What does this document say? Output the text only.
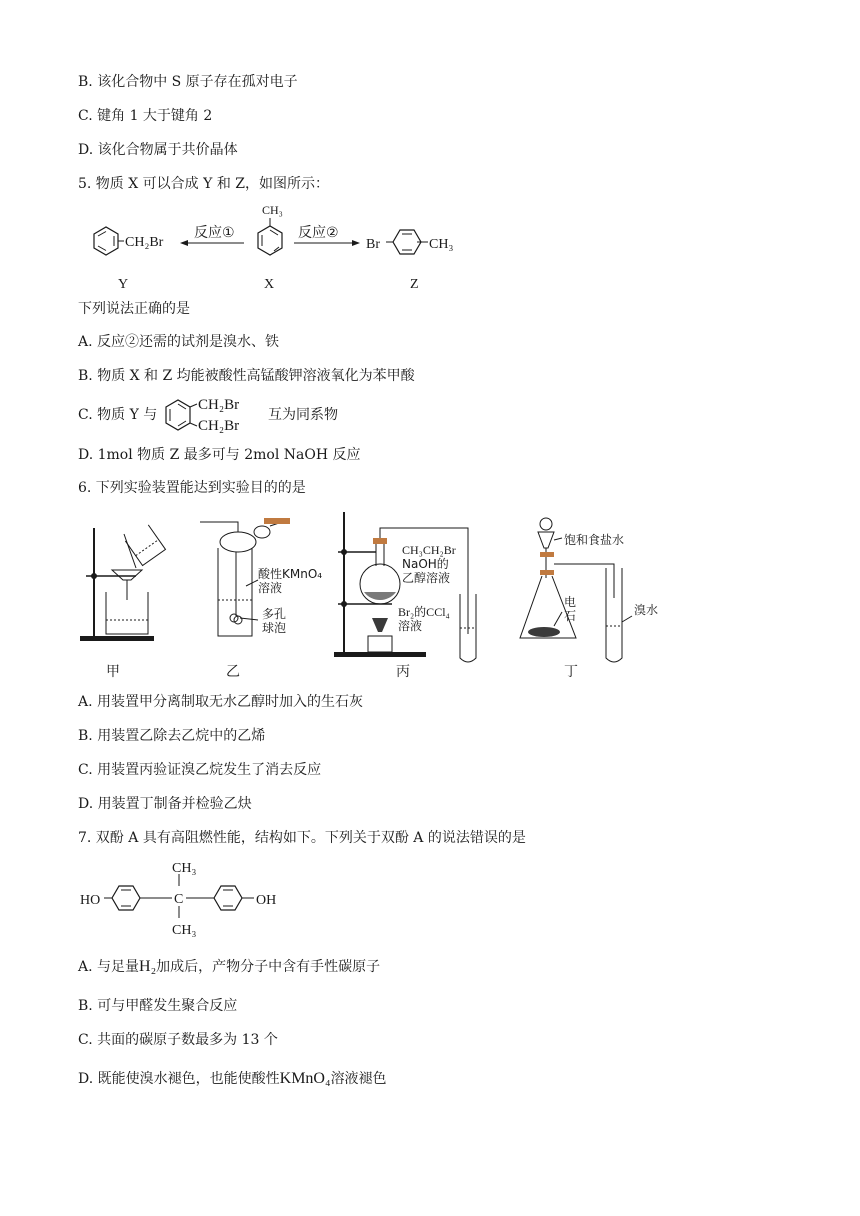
B. 该化合物中 S 原子存在孤对电子
C. 键角 1 大于键角 2
D. 该化合物属于共价晶体
5. 物质 X 可以合成 Y 和 Z，如图所示：
CH₂Br
Y
反应①
CH₃
X
反应②
Br	CH₃
Z
下列说法正确的是
A. 反应②还需的试剂是溴水、铁
B. 物质 X 和 Z 均能被酸性高锰酸钾溶液氧化为苯甲酸
C. 物质 Y 与
CH₂Br
CH₂Br
互为同系物
D. 1mol 物质 Z 最多可与 2mol NaOH 反应
6. 下列实验装置能达到实验目的的是
甲
酸性KMnO₄
溶液
多孔
球泡
乙
CH₃CH₂Br
NaOH的
乙醇溶液
Br₂的CCl₄
溶液
丙
饱和食盐水
电
石	溴水
丁
A. 用装置甲分离制取无水乙醇时加入的生石灰
B. 用装置乙除去乙烷中的乙烯
C. 用装置丙验证溴乙烷发生了消去反应
D. 用装置丁制备并检验乙炔
7. 双酚 A 具有高阻燃性能，结构如下。下列关于双酚 A 的说法错误的是
HO	C
CH₃
CH₃
OH
A. 与足量H₂加成后，产物分子中含有手性碳原子
B. 可与甲醛发生聚合反应
C. 共面的碳原子数最多为 13 个
D. 既能使溴水褪色，也能使酸性KMnO₄溶液褪色
